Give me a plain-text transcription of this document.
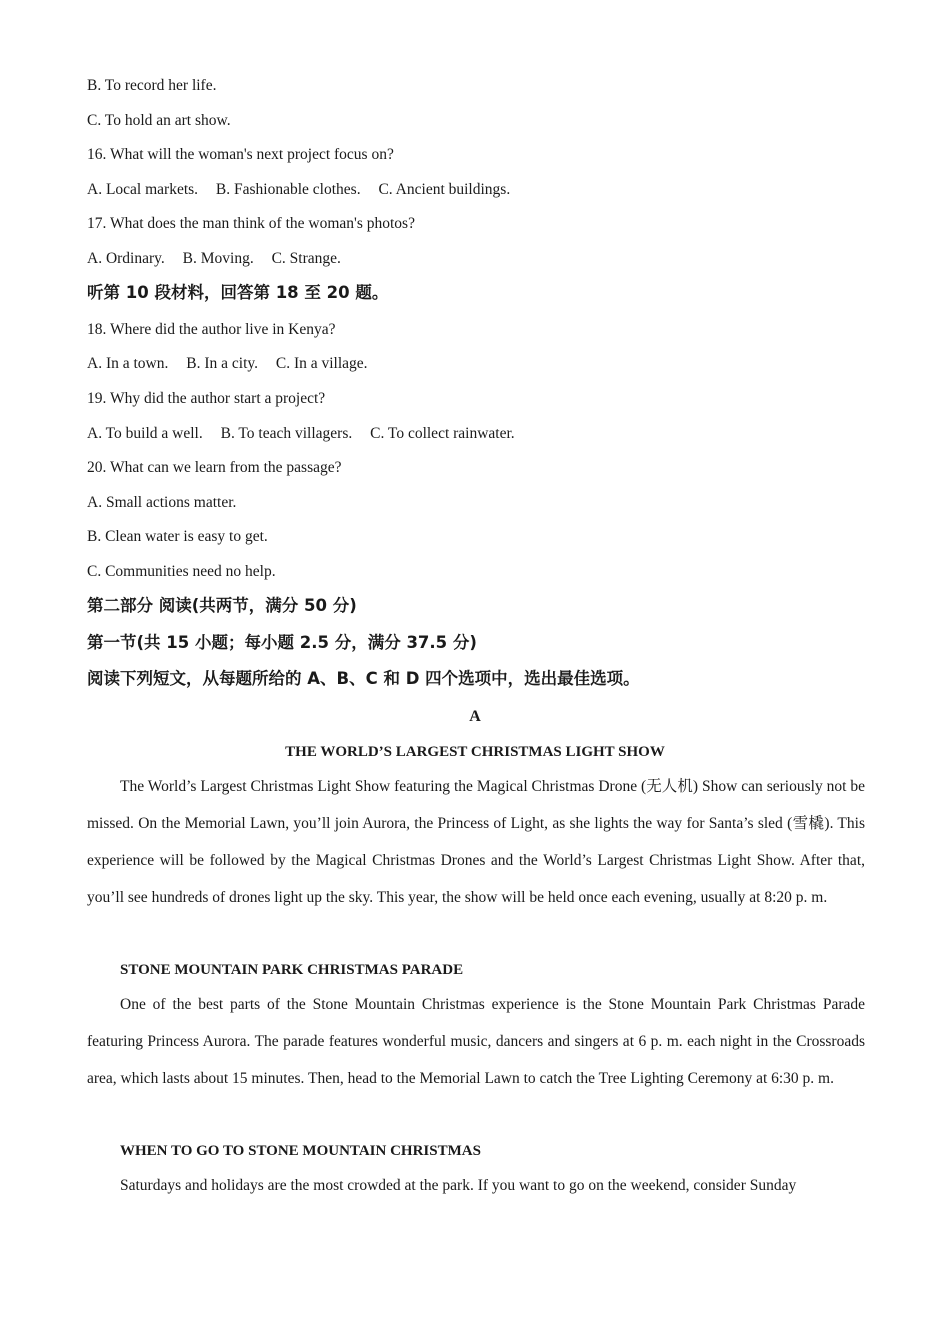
B. To record her life.
C. To hold an art show.
16. What will the woman's next project focus on?
A. Local markets. B. Fashionable clothes. C. Ancient buildings.
17. What does the man think of the woman's photos?
A. Ordinary. B. Moving. C. Strange.
听第 10 段材料，回答第 18 至 20 题。
18. Where did the author live in Kenya?
A. In a town. B. In a city. C. In a village.
19. Why did the author start a project?
A. To build a well. B. To teach villagers. C. To collect rainwater.
20. What can we learn from the passage?
A. Small actions matter.
B. Clean water is easy to get.
C. Communities need no help.
第二部分 阅读(共两节，满分 50 分)
第一节(共 15 小题；每小题 2.5 分，满分 37.5 分)
阅读下列短文，从每题所给的 A、B、C 和 D 四个选项中，选出最佳选项。
A
THE WORLD’S LARGEST CHRISTMAS LIGHT SHOW
The World’s Largest Christmas Light Show featuring the Magical Christmas Drone (无人机) Show can seriously not be missed. On the Memorial Lawn, you’ll join Aurora, the Princess of Light, as she lights the way for Santa’s sled (雪橇). This experience will be followed by the Magical Christmas Drones and the World’s Largest Christmas Light Show. After that, you’ll see hundreds of drones light up the sky. This year, the show will be held once each evening, usually at 8:20 p. m.
STONE MOUNTAIN PARK CHRISTMAS PARADE
One of the best parts of the Stone Mountain Christmas experience is the Stone Mountain Park Christmas Parade featuring Princess Aurora. The parade features wonderful music, dancers and singers at 6 p. m. each night in the Crossroads area, which lasts about 15 minutes. Then, head to the Memorial Lawn to catch the Tree Lighting Ceremony at 6:30 p. m.
WHEN TO GO TO STONE MOUNTAIN CHRISTMAS
Saturdays and holidays are the most crowded at the park. If you want to go on the weekend, consider Sunday
